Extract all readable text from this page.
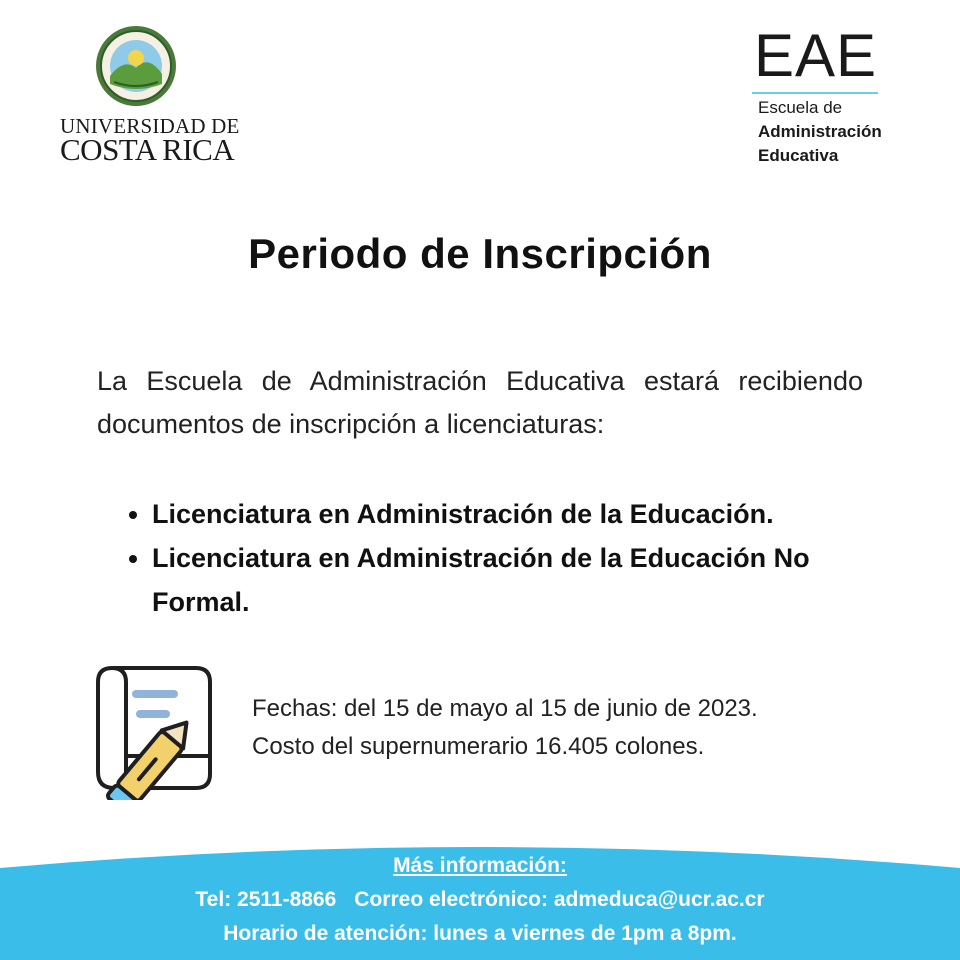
UNIVERSIDAD DE
COSTA RICA
EAE
Escuela de
Administración
Educativa
Periodo de Inscripción
La Escuela de Administración Educativa estará recibiendo documentos de inscripción a licenciaturas:
• Licenciatura en Administración de la Educación.
• Licenciatura en Administración de la Educación No Formal.
Fechas: del 15 de mayo al 15 de junio de 2023.
Costo del supernumerario 16.405 colones.
Más información:
Tel: 2511-8866 Correo electrónico: admeduca@ucr.ac.cr
Horario de atención: lunes a viernes de 1pm a 8pm.
